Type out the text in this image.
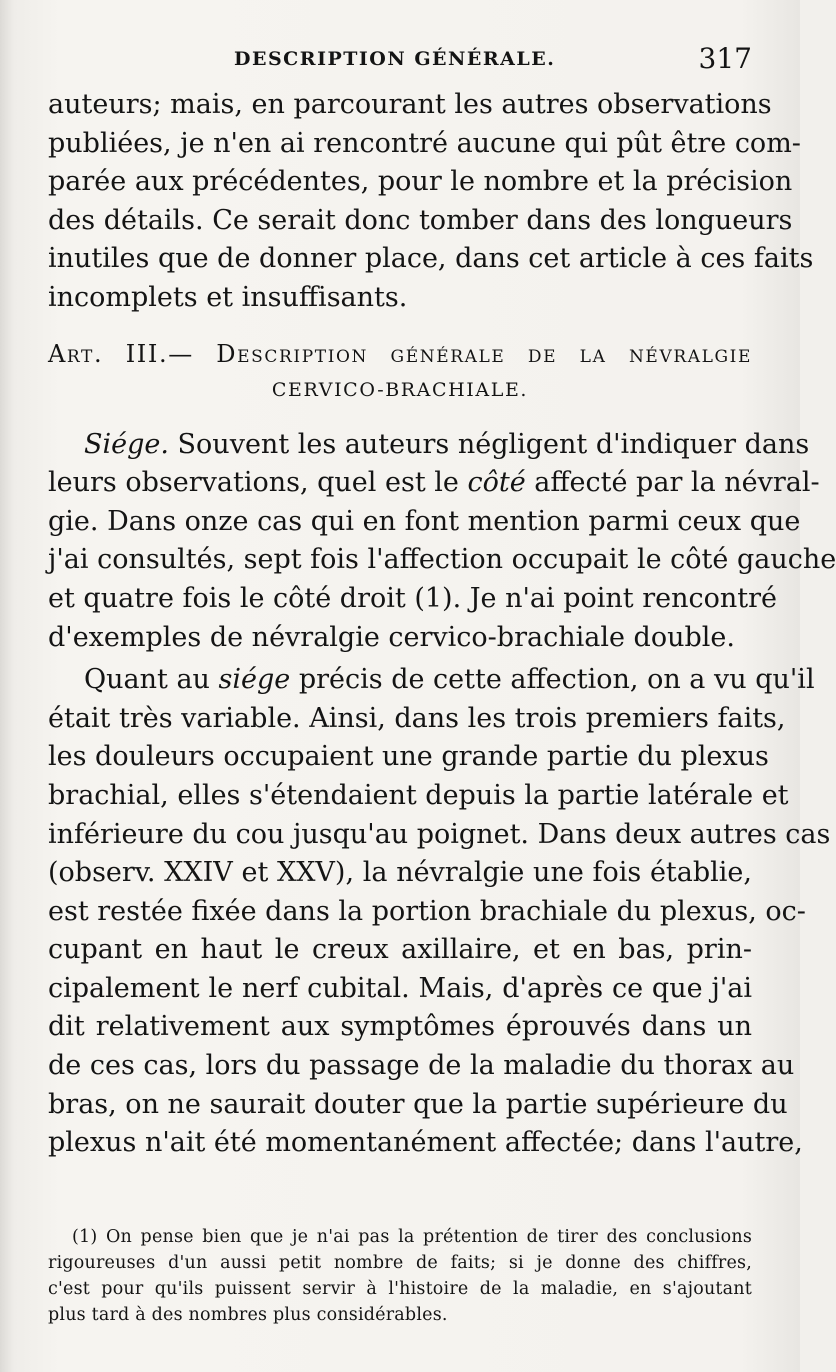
DESCRIPTION GÉNÉRALE.	317
auteurs; mais, en parcourant les autres observations
publiées, je n'en ai rencontré aucune qui pût être com-
parée aux précédentes, pour le nombre et la précision
des détails. Ce serait donc tomber dans des longueurs
inutiles que de donner place, dans cet article à ces faits
incomplets et insuffisants.
Art. III.— Description générale de la névralgie
CERVICO-BRACHIALE.
Siége. Souvent les auteurs négligent d'indiquer dans
leurs observations, quel est le côté affecté par la névral-
gie. Dans onze cas qui en font mention parmi ceux que
j'ai consultés, sept fois l'affection occupait le côté gauche
et quatre fois le côté droit (1). Je n'ai point rencontré
d'exemples de névralgie cervico-brachiale double.
Quant au siége précis de cette affection, on a vu qu'il
était très variable. Ainsi, dans les trois premiers faits,
les douleurs occupaient une grande partie du plexus
brachial, elles s'étendaient depuis la partie latérale et
inférieure du cou jusqu'au poignet. Dans deux autres cas
(observ. XXIV et XXV), la névralgie une fois établie,
est restée fixée dans la portion brachiale du plexus, oc-
cupant en haut le creux axillaire, et en bas, prin-
cipalement le nerf cubital. Mais, d'après ce que j'ai
dit relativement aux symptômes éprouvés dans un
de ces cas, lors du passage de la maladie du thorax au
bras, on ne saurait douter que la partie supérieure du
plexus n'ait été momentanément affectée; dans l'autre,
(1) On pense bien que je n'ai pas la prétention de tirer des conclusions
rigoureuses d'un aussi petit nombre de faits; si je donne des chiffres,
c'est pour qu'ils puissent servir à l'histoire de la maladie, en s'ajoutant
plus tard à des nombres plus considérables.
